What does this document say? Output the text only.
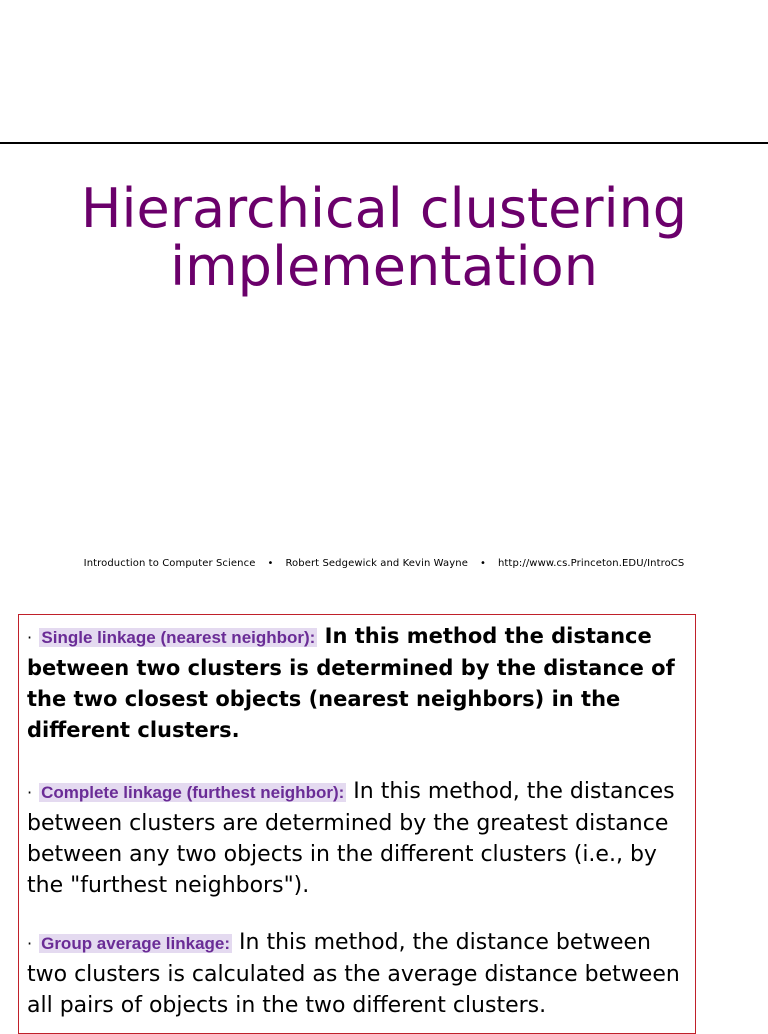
Hierarchical clustering
implementation
Introduction to Computer Science • Robert Sedgewick and Kevin Wayne • http://www.cs.Princeton.EDU/IntroCS

· Single linkage (nearest neighbor): In this method the distance between two clusters is determined by the distance of the two closest objects (nearest neighbors) in the different clusters.

· Complete linkage (furthest neighbor): In this method, the distances between clusters are determined by the greatest distance between any two objects in the different clusters (i.e., by the "furthest neighbors").

· Group average linkage: In this method, the distance between two clusters is calculated as the average distance between all pairs of objects in the two different clusters.
